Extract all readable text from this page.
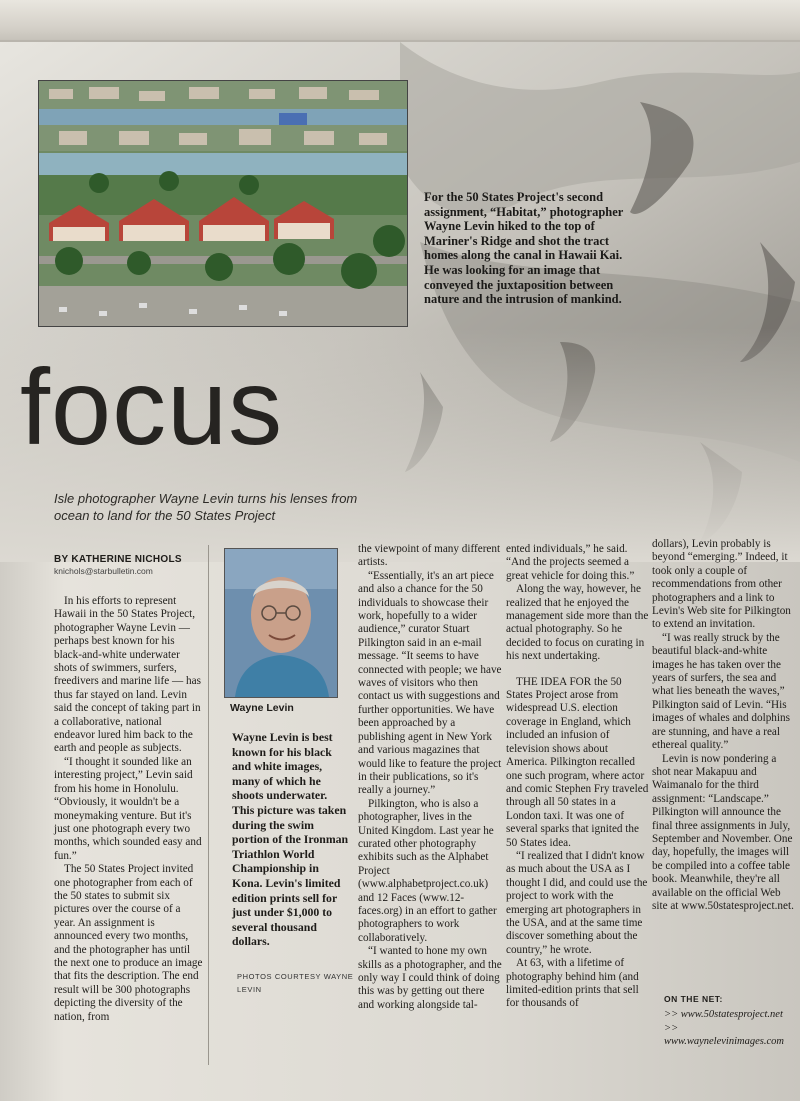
For the 50 States Project's second assignment, “Habitat,” photographer Wayne Levin hiked to the top of Mariner's Ridge and shot the tract homes along the canal in Hawaii Kai. He was looking for an image that conveyed the juxtaposition between nature and the intrusion of mankind.
focus
Isle photographer Wayne Levin turns his lenses from ocean to land for the 50 States Project
BY KATHERINE NICHOLS
knichols@starbulletin.com

In his efforts to represent Hawaii in the 50 States Project, photographer Wayne Levin — perhaps best known for his black-and-white underwater shots of swimmers, surfers, freedivers and marine life — has thus far stayed on land. Levin said the concept of taking part in a collaborative, national endeavor lured him back to the earth and people as subjects.

“I thought it sounded like an interesting project,” Levin said from his home in Honolulu. “Obviously, it wouldn't be a moneymaking venture. But it's just one photograph every two months, which sounded easy and fun.”

The 50 States Project invited one photographer from each of the 50 states to submit six pictures over the course of a year. An assignment is announced every two months, and the photographer has until the next one to produce an image that fits the description. The end result will be 300 photographs depicting the diversity of the nation, from

Wayne Levin
Wayne Levin is best known for his black and white images, many of which he shoots underwater. This picture was taken during the swim portion of the Ironman Triathlon World Championship in Kona. Levin's limited edition prints sell for just under $1,000 to several thousand dollars.
PHOTOS COURTESY WAYNE LEVIN

the viewpoint of many different artists.

“Essentially, it's an art piece and also a chance for the 50 individuals to showcase their work, hopefully to a wider audience,” curator Stuart Pilkington said in an e-mail message. “It seems to have connected with people; we have waves of visitors who then contact us with suggestions and further opportunities. We have been approached by a publishing agent in New York and various magazines that would like to feature the project in their publications, so it's really a journey.”

Pilkington, who is also a photographer, lives in the United Kingdom. Last year he curated other photography exhibits such as the Alphabet Project (www.alphabetproject.co.uk) and 12 Faces (www.12-faces.org) in an effort to gather photographers to work collaboratively.

“I wanted to hone my own skills as a photographer, and the only way I could think of doing this was by getting out there and working alongside tal-

ented individuals,” he said. “And the projects seemed a great vehicle for doing this.”

Along the way, however, he realized that he enjoyed the management side more than the actual photography. So he decided to focus on curating in his next undertaking.

THE IDEA FOR the 50 States Project arose from widespread U.S. election coverage in England, which included an infusion of television shows about America. Pilkington recalled one such program, where actor and comic Stephen Fry traveled through all 50 states in a London taxi. It was one of several sparks that ignited the 50 States idea.

“I realized that I didn't know as much about the USA as I thought I did, and could use the project to work with the emerging art photographers in the USA, and at the same time discover something about the country,” he wrote.

At 63, with a lifetime of photography behind him (and limited-edition prints that sell for thousands of

dollars), Levin probably is beyond “emerging.” Indeed, it took only a couple of recommendations from other photographers and a link to Levin's Web site for Pilkington to extend an invitation.

“I was really struck by the beautiful black-and-white images he has taken over the years of surfers, the sea and what lies beneath the waves,” Pilkington said of Levin. “His images of whales and dolphins are stunning, and have a real ethereal quality.”

Levin is now pondering a shot near Makapuu and Waimanalo for the third assignment: “Landscape.” Pilkington will announce the final three assignments in July, September and November. One day, hopefully, the images will be compiled into a coffee table book. Meanwhile, they're all available on the official Web site at www.50statesproject.net.

ON THE NET:
>> www.50statesproject.net
>> www.waynelevinimages.com
